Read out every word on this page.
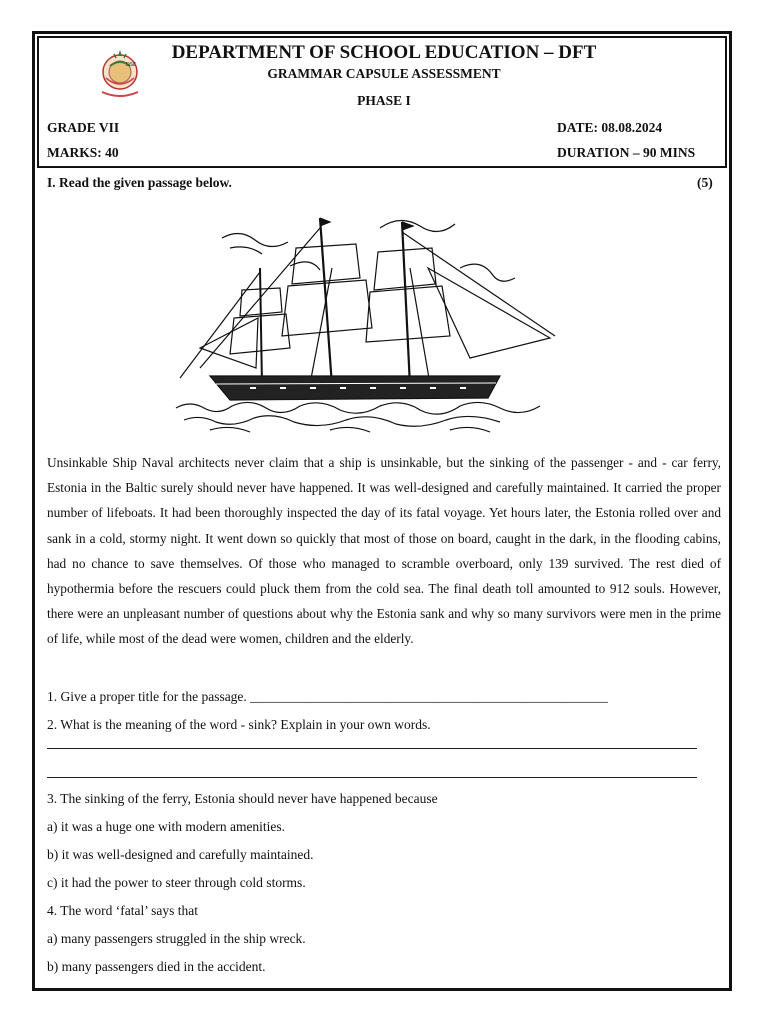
DSE
DEPARTMENT OF SCHOOL EDUCATION – DFT
GRAMMAR CAPSULE ASSESSMENT
PHASE I
GRADE VII	DATE: 08.08.2024
MARKS: 40	DURATION – 90 MINS
I. Read the given passage below.	(5)
Unsinkable Ship Naval architects never claim that a ship is unsinkable, but the sinking of the passenger - and - car ferry, Estonia in the Baltic surely should never have happened. It was well-designed and carefully maintained. It carried the proper number of lifeboats. It had been thoroughly inspected the day of its fatal voyage. Yet hours later, the Estonia rolled over and sank in a cold, stormy night. It went down so quickly that most of those on board, caught in the dark, in the flooding cabins, had no chance to save themselves. Of those who managed to scramble overboard, only 139 survived. The rest died of hypothermia before the rescuers could pluck them from the cold sea. The final death toll amounted to 912 souls. However, there were an unpleasant number of questions about why the Estonia sank and why so many survivors were men in the prime of life, while most of the dead were women, children and the elderly.
1. Give a proper title for the passage. _____________________________________________________
2. What is the meaning of the word - sink? Explain in your own words.
3. The sinking of the ferry, Estonia should never have happened because
a) it was a huge one with modern amenities.
b) it was well-designed and carefully maintained.
c) it had the power to steer through cold storms.
4. The word ‘fatal’ says that
a) many passengers struggled in the ship wreck.
b) many passengers died in the accident.
